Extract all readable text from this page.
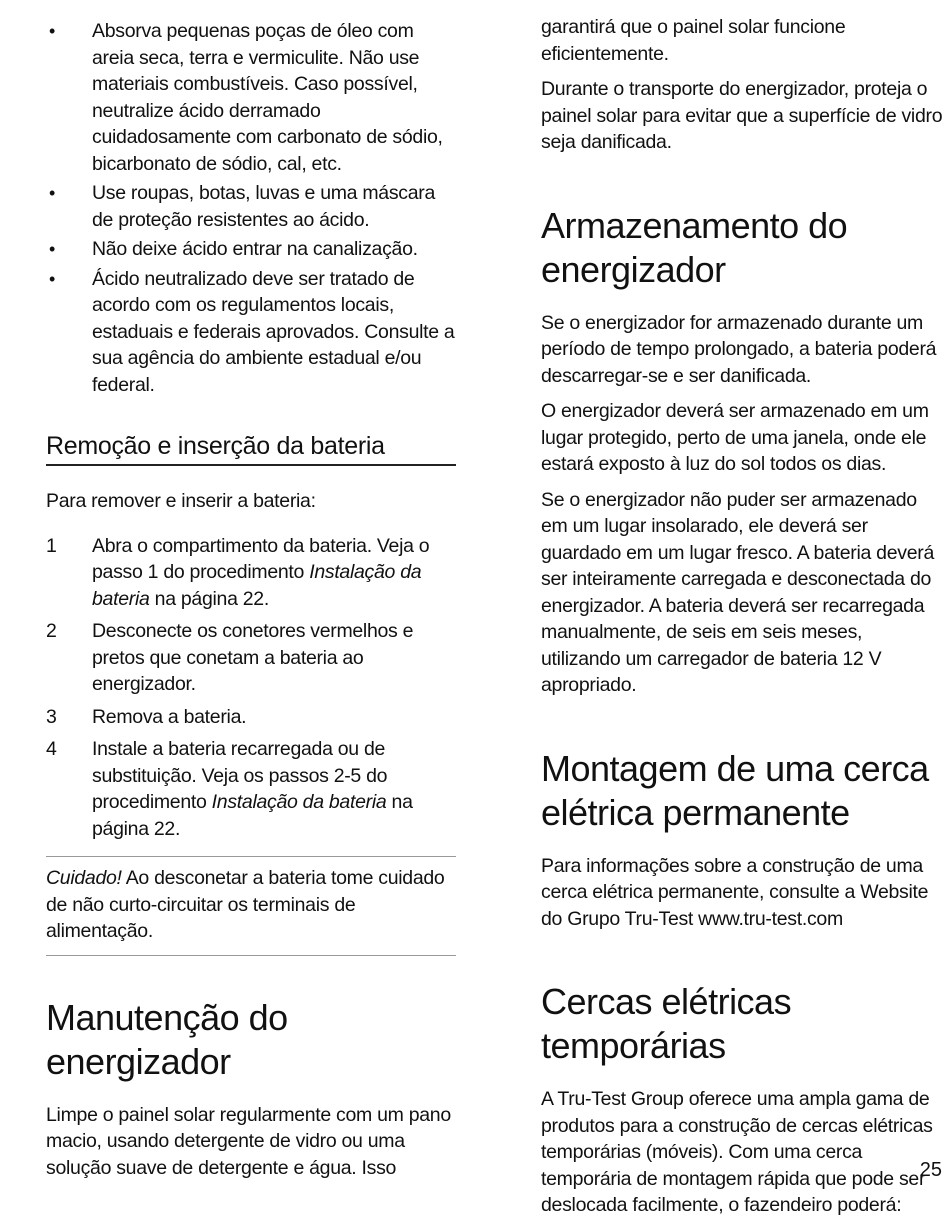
• Absorva pequenas poças de óleo com areia seca, terra e vermiculite. Não use materiais combustíveis. Caso possível, neutralize ácido derramado cuidadosamente com carbonato de sódio, bicarbonato de sódio, cal, etc.
• Use roupas, botas, luvas e uma máscara de proteção resistentes ao ácido.
• Não deixe ácido entrar na canalização.
• Ácido neutralizado deve ser tratado de acordo com os regulamentos locais, estaduais e federais aprovados. Consulte a sua agência do ambiente estadual e/ou federal.
Remoção e inserção da bateria

Para remover e inserir a bateria:

1 Abra o compartimento da bateria. Veja o passo 1 do procedimento Instalação da bateria na página 22.
2 Desconecte os conetores vermelhos e pretos que conetam a bateria ao energizador.
3 Remova a bateria.
4 Instale a bateria recarregada ou de substituição. Veja os passos 2-5 do procedimento Instalação da bateria na página 22.

Cuidado! Ao desconetar a bateria tome cuidado de não curto-circuitar os terminais de alimentação.

Manutenção do energizador

Limpe o painel solar regularmente com um pano macio, usando detergente de vidro ou uma solução suave de detergente e água. Isso

garantirá que o painel solar funcione eficientemente.

Durante o transporte do energizador, proteja o painel solar para evitar que a superfície de vidro seja danificada.

Armazenamento do energizador

Se o energizador for armazenado durante um período de tempo prolongado, a bateria poderá descarregar-se e ser danificada.

O energizador deverá ser armazenado em um lugar protegido, perto de uma janela, onde ele estará exposto à luz do sol todos os dias.

Se o energizador não puder ser armazenado em um lugar insolarado, ele deverá ser guardado em um lugar fresco. A bateria deverá ser inteiramente carregada e desconectada do energizador. A bateria deverá ser recarregada manualmente, de seis em seis meses, utilizando um carregador de bateria 12 V apropriado.

Montagem de uma cerca elétrica permanente

Para informações sobre a construção de uma cerca elétrica permanente, consulte a Website do Grupo Tru-Test www.tru-test.com

Cercas elétricas temporárias

A Tru-Test Group oferece uma ampla gama de produtos para a construção de cercas elétricas temporárias (móveis). Com uma cerca temporária de montagem rápida que pode ser deslocada facilmente, o fazendeiro poderá:

25
